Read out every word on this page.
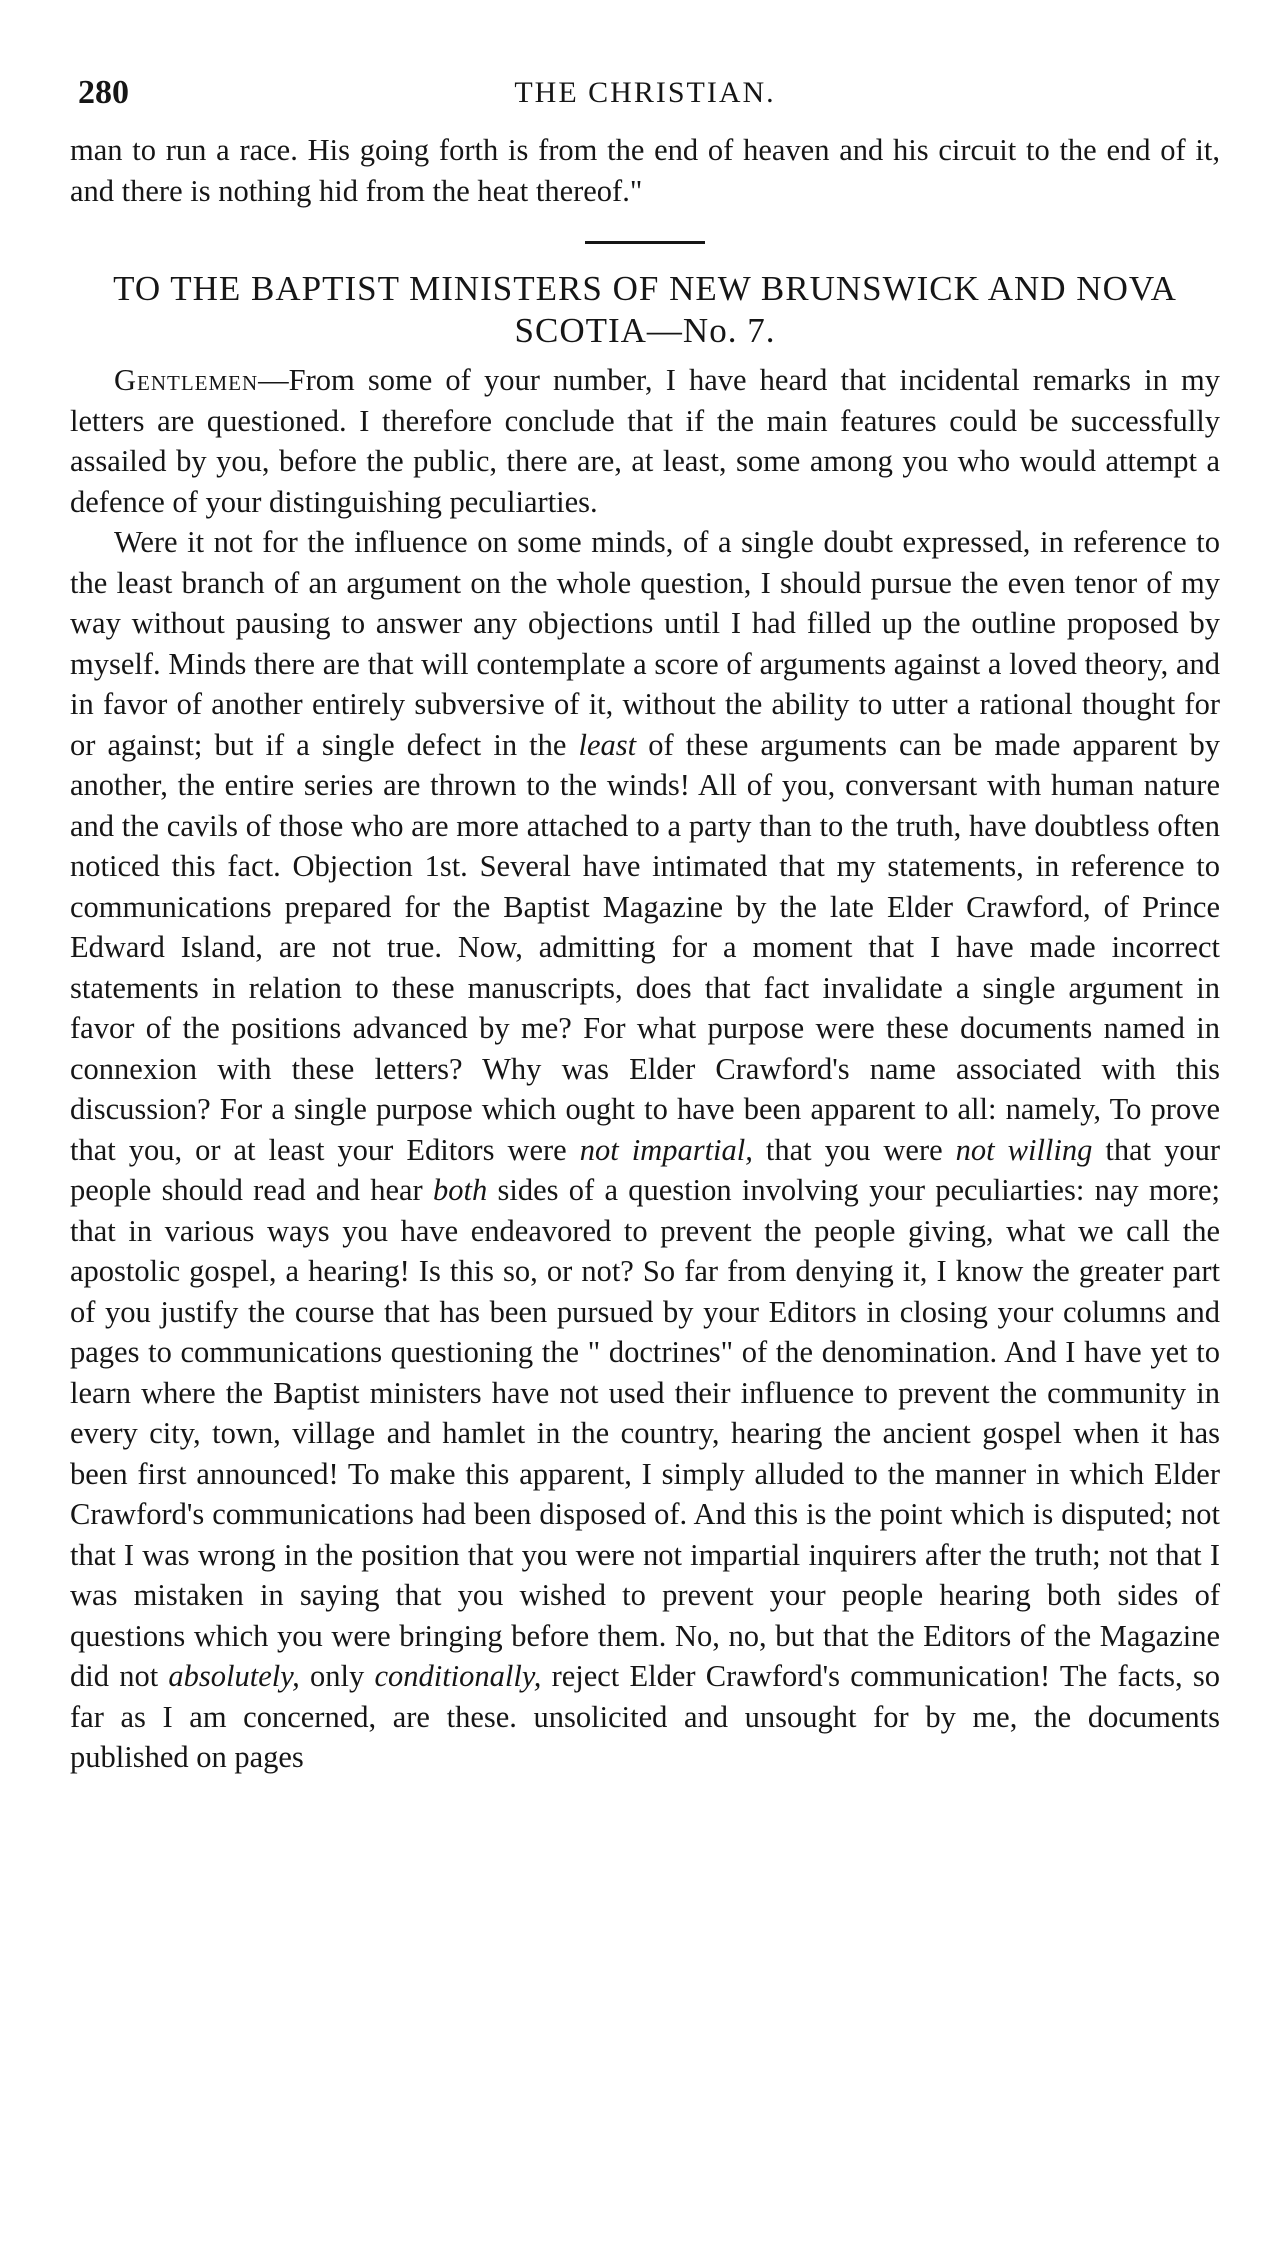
280	THE CHRISTIAN.

man to run a race. His going forth is from the end of heaven and his circuit to the end of it, and there is nothing hid from the heat thereof."

TO THE BAPTIST MINISTERS OF NEW BRUNSWICK AND NOVA SCOTIA—No. 7.

Gentlemen—From some of your number, I have heard that incidental remarks in my letters are questioned. I therefore conclude that if the main features could be successfully assailed by you, before the public, there are, at least, some among you who would attempt a defence of your distinguishing peculiarties.

Were it not for the influence on some minds, of a single doubt expressed, in reference to the least branch of an argument on the whole question, I should pursue the even tenor of my way without pausing to answer any objections until I had filled up the outline proposed by myself. Minds there are that will contemplate a score of arguments against a loved theory, and in favor of another entirely subversive of it, without the ability to utter a rational thought for or against; but if a single defect in the least of these arguments can be made apparent by another, the entire series are thrown to the winds! All of you, conversant with human nature and the cavils of those who are more attached to a party than to the truth, have doubtless often noticed this fact. Objection 1st. Several have intimated that my statements, in reference to communications prepared for the Baptist Magazine by the late Elder Crawford, of Prince Edward Island, are not true. Now, admitting for a moment that I have made incorrect statements in relation to these manuscripts, does that fact invalidate a single argument in favor of the positions advanced by me? For what purpose were these documents named in connexion with these letters? Why was Elder Crawford's name associated with this discussion? For a single purpose which ought to have been apparent to all: namely, To prove that you, or at least your Editors were not impartial, that you were not willing that your people should read and hear both sides of a question involving your peculiarties: nay more; that in various ways you have endeavored to prevent the people giving, what we call the apostolic gospel, a hearing! Is this so, or not? So far from denying it, I know the greater part of you justify the course that has been pursued by your Editors in closing your columns and pages to communications questioning the " doctrines" of the denomination. And I have yet to learn where the Baptist ministers have not used their influence to prevent the community in every city, town, village and hamlet in the country, hearing the ancient gospel when it has been first announced! To make this apparent, I simply alluded to the manner in which Elder Crawford's communications had been disposed of. And this is the point which is disputed; not that I was wrong in the position that you were not impartial inquirers after the truth; not that I was mistaken in saying that you wished to prevent your people hearing both sides of questions which you were bringing before them. No, no, but that the Editors of the Magazine did not absolutely, only conditionally, reject Elder Crawford's communication! The facts, so far as I am concerned, are these. unsolicited and unsought for by me, the documents published on pages
